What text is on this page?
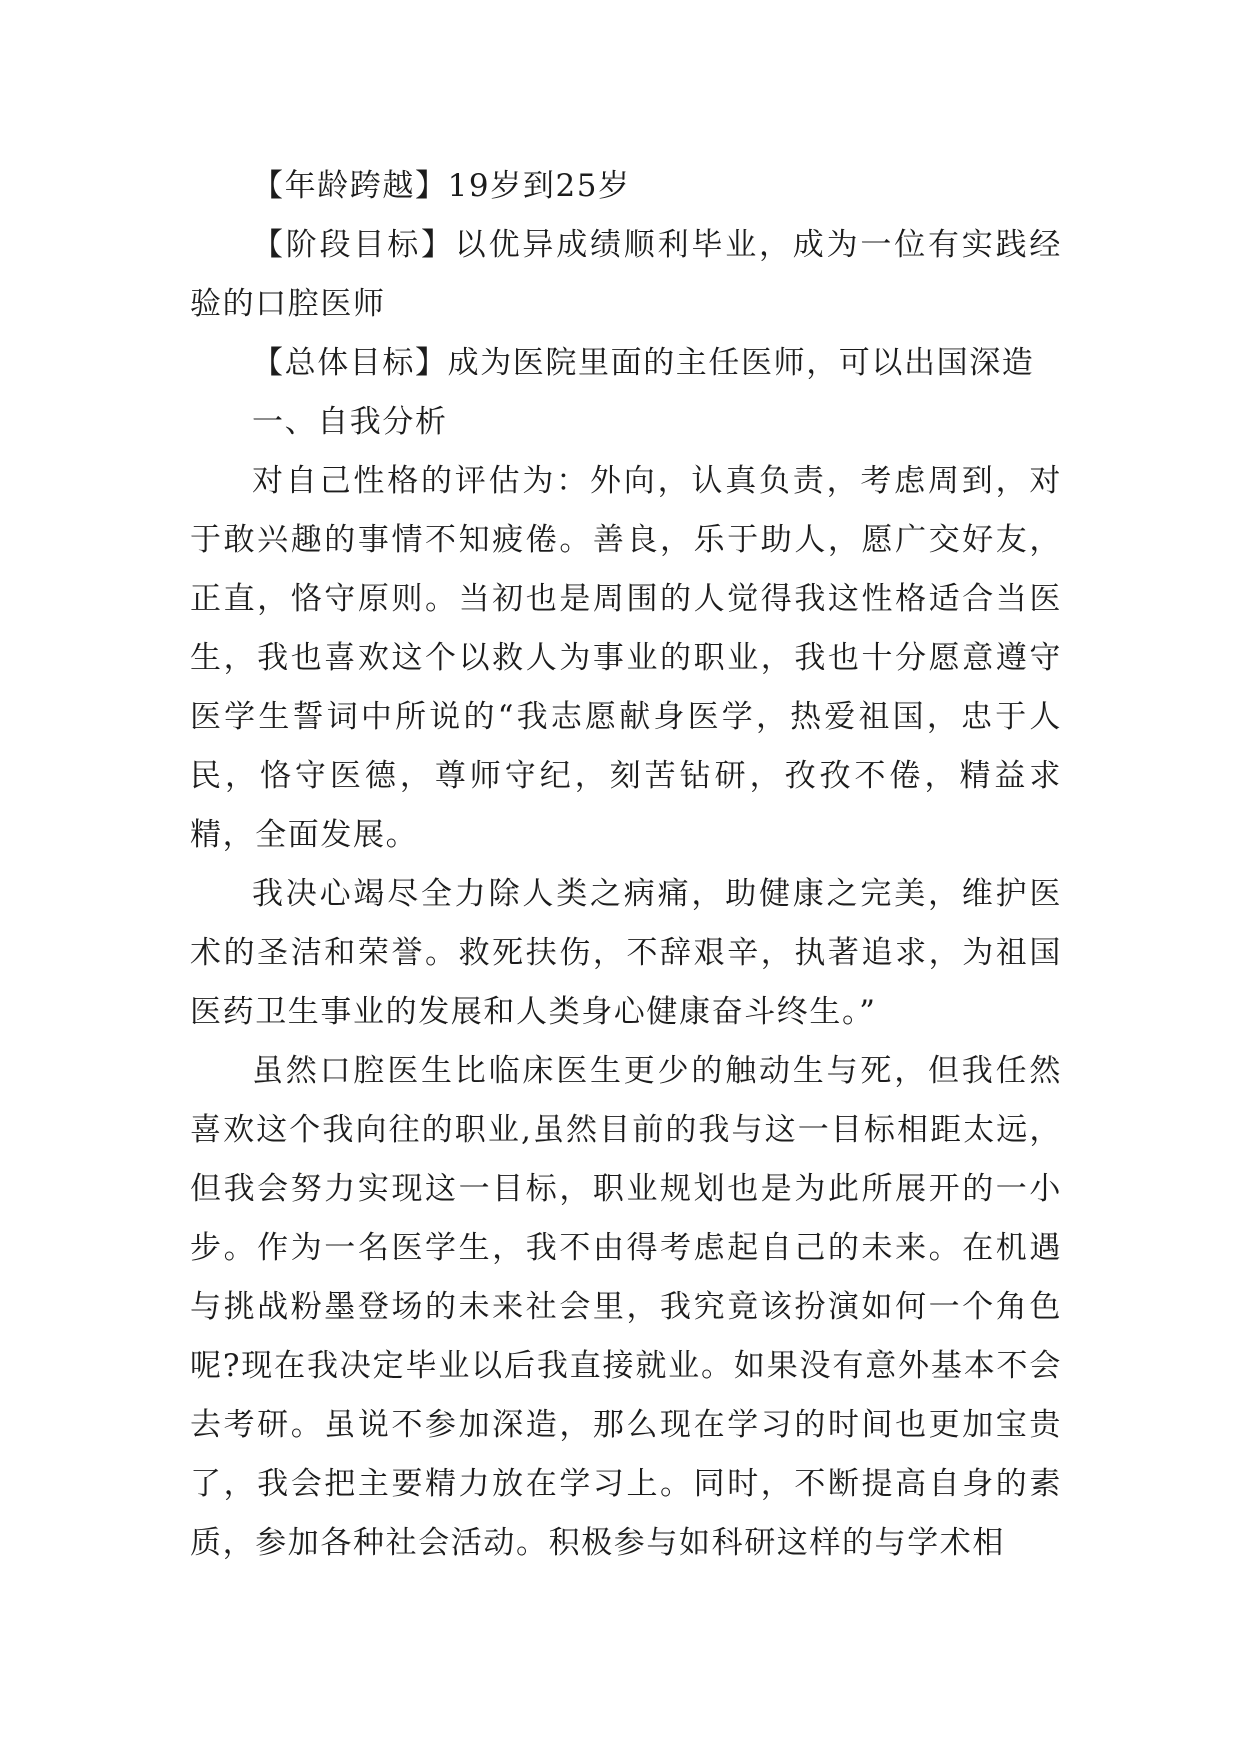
【年龄跨越】19岁到25岁

【阶段目标】以优异成绩顺利毕业，成为一位有实践经验的口腔医师

【总体目标】成为医院里面的主任医师，可以出国深造

一、自我分析

对自己性格的评估为：外向，认真负责，考虑周到，对于敢兴趣的事情不知疲倦。善良，乐于助人，愿广交好友，正直，恪守原则。当初也是周围的人觉得我这性格适合当医生，我也喜欢这个以救人为事业的职业，我也十分愿意遵守医学生誓词中所说的“我志愿献身医学，热爱祖国，忠于人民，恪守医德，尊师守纪，刻苦钻研，孜孜不倦，精益求精，全面发展。

我决心竭尽全力除人类之病痛，助健康之完美，维护医术的圣洁和荣誉。救死扶伤，不辞艰辛，执著追求，为祖国医药卫生事业的发展和人类身心健康奋斗终生。”

虽然口腔医生比临床医生更少的触动生与死，但我任然喜欢这个我向往的职业,虽然目前的我与这一目标相距太远，但我会努力实现这一目标，职业规划也是为此所展开的一小步。作为一名医学生，我不由得考虑起自己的未来。在机遇与挑战粉墨登场的未来社会里，我究竟该扮演如何一个角色呢?现在我决定毕业以后我直接就业。如果没有意外基本不会去考研。虽说不参加深造，那么现在学习的时间也更加宝贵了，我会把主要精力放在学习上。同时，不断提高自身的素质，参加各种社会活动。积极参与如科研这样的与学术相
